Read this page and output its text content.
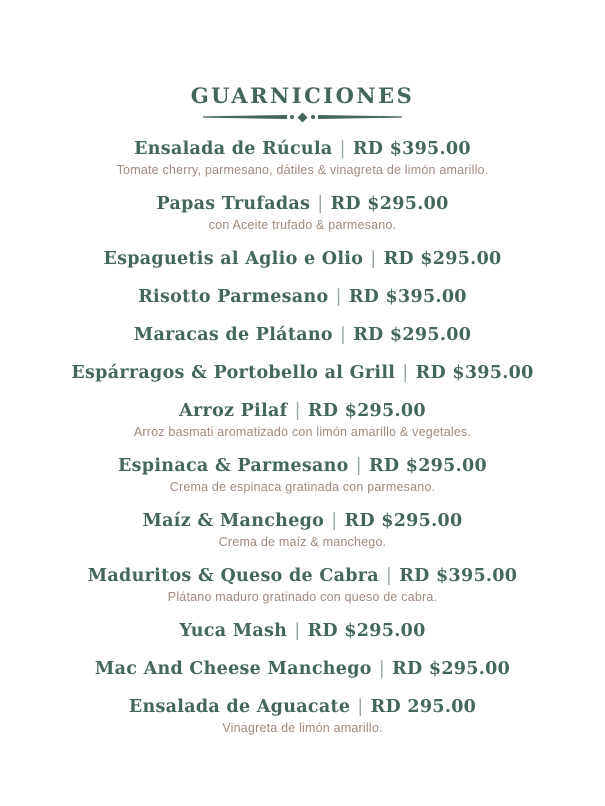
GUARNICIONES
Ensalada de Rúcula | RD $395.00
Tomate cherry, parmesano, dátiles & vinagreta de limón amarillo.
Papas Trufadas | RD $295.00
con Aceite trufado & parmesano.
Espaguetis al Aglio e Olio | RD $295.00
Risotto Parmesano | RD $395.00
Maracas de Plátano | RD $295.00
Espárragos & Portobello al Grill | RD $395.00
Arroz Pilaf | RD $295.00
Arroz basmati aromatizado con limón amarillo & vegetales.
Espinaca & Parmesano | RD $295.00
Crema de espinaca gratinada con parmesano.
Maíz & Manchego | RD $295.00
Crema de maíz & manchego.
Maduritos & Queso de Cabra | RD $395.00
Plátano maduro gratinado con queso de cabra.
Yuca Mash | RD $295.00
Mac And Cheese Manchego | RD $295.00
Ensalada de Aguacate | RD 295.00
Vinagreta de limón amarillo.
